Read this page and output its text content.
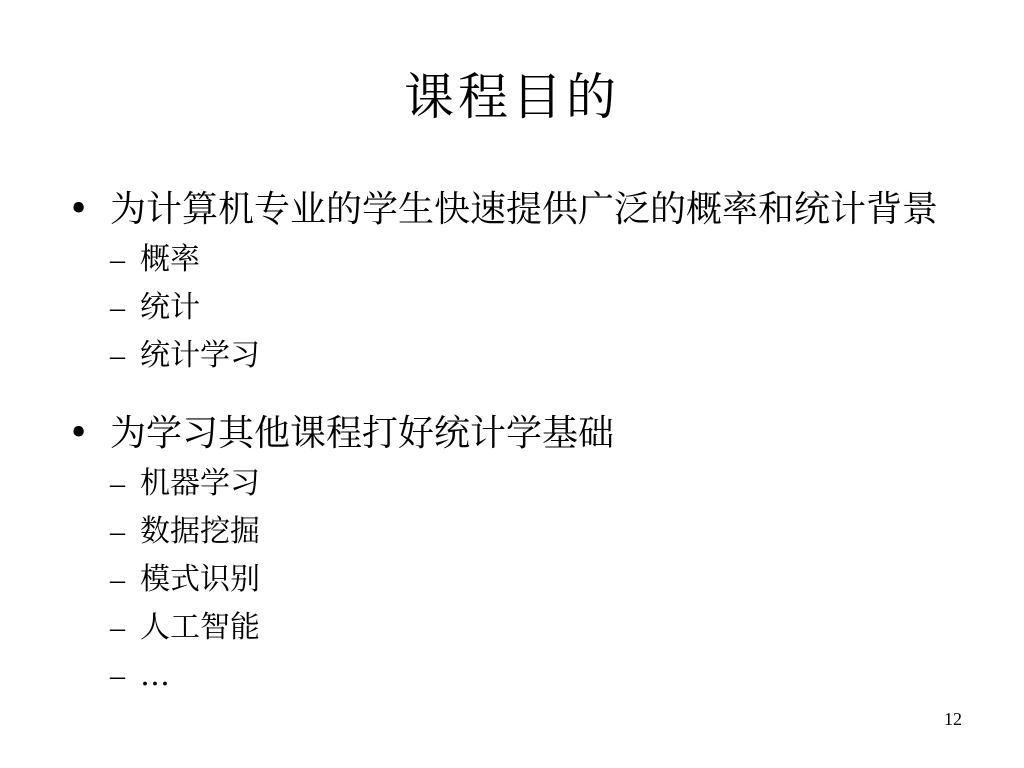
课程目的
• 为计算机专业的学生快速提供广泛的概率和统计背景
– 概率
– 统计
– 统计学习
• 为学习其他课程打好统计学基础
– 机器学习
– 数据挖掘
– 模式识别
– 人工智能
– …
12
